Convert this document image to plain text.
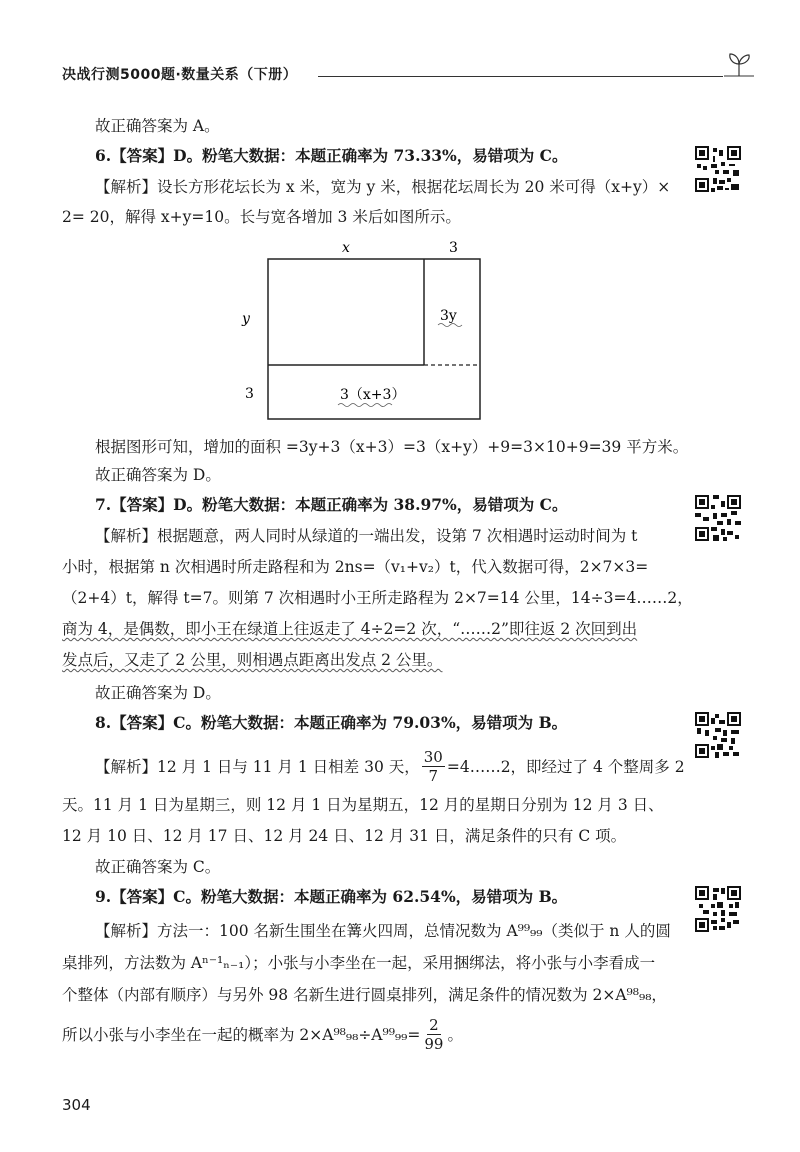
决战行测5000题·数量关系（下册）
故正确答案为 A。
6.【答案】D。粉笔大数据：本题正确率为 73.33%，易错项为 C。
【解析】设长方形花坛长为 x 米，宽为 y 米，根据花坛周长为 20 米可得（x+y）×
2= 20，解得 x+y=10。长与宽各增加 3 米后如图所示。
x	3
y
3
3y
3（x+3）
根据图形可知，增加的面积 =3y+3（x+3）=3（x+y）+9=3×10+9=39 平方米。
故正确答案为 D。
7.【答案】D。粉笔大数据：本题正确率为 38.97%，易错项为 C。
【解析】根据题意，两人同时从绿道的一端出发，设第 7 次相遇时运动时间为 t
小时，根据第 n 次相遇时所走路程和为 2ns=（v₁+v₂）t，代入数据可得，2×7×3=
（2+4）t，解得 t=7。则第 7 次相遇时小王所走路程为 2×7=14 公里，14÷3=4……2，
商为 4，是偶数，即小王在绿道上往返走了 4÷2=2 次，“……2”即往返 2 次回到出
发点后，又走了 2 公里，则相遇点距离出发点 2 公里。
故正确答案为 D。
8.【答案】C。粉笔大数据：本题正确率为 79.03%，易错项为 B。
【解析】12 月 1 日与 11 月 1 日相差 30 天， $\frac{30}{7}$ =4……2，即经过了 4 个整周多 2
天。11 月 1 日为星期三，则 12 月 1 日为星期五，12 月的星期日分别为 12 月 3 日、
12 月 10 日、12 月 17 日、12 月 24 日、12 月 31 日，满足条件的只有 C 项。
故正确答案为 C。
9.【答案】C。粉笔大数据：本题正确率为 62.54%，易错项为 B。
【解析】方法一：100 名新生围坐在篝火四周，总情况数为 A⁹⁹₉₉（类似于 n 人的圆
桌排列，方法数为 Aⁿ⁻¹ₙ₋₁）；小张与小李坐在一起，采用捆绑法，将小张与小李看成一
个整体（内部有顺序）与另外 98 名新生进行圆桌排列，满足条件的情况数为 2×A⁹⁸₉₈，
所以小张与小李坐在一起的概率为 $2\times A^{98}_{98}\div A^{99}_{99}= \frac{2}{99}$ 。
304
